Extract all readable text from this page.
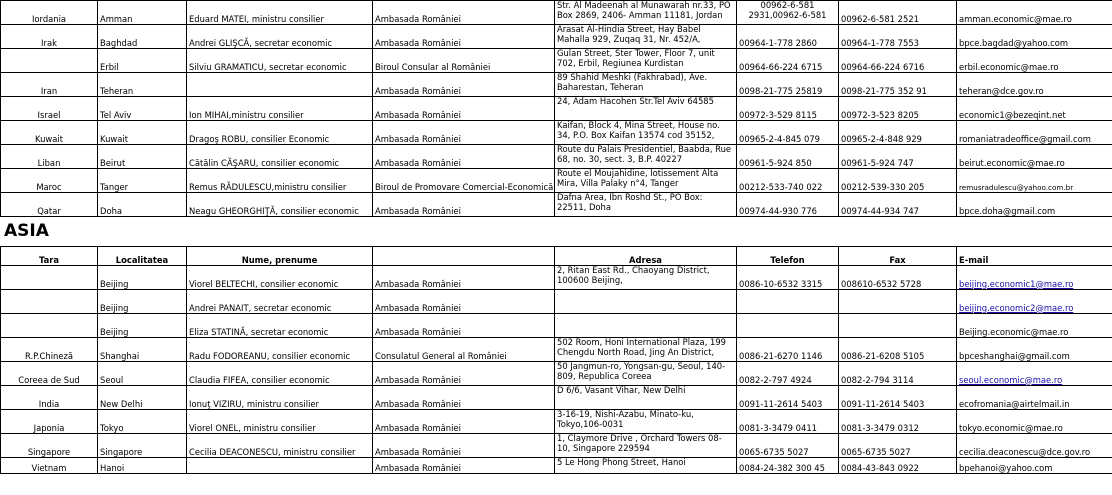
Iordania	Amman	Eduard MATEI, ministru consilier	Ambasada României	Str. Al Madeenah al Munawarah nr.33, PO Box 2869, 2406- Amman 11181, Jordan	00962-6-581 2931,00962-6-581	00962-6-581 2521	amman.economic@mae.ro
Irak	Baghdad	Andrei GLIŞCĂ, secretar economic	Ambasada României	Arasat Al-Hindia Street, Hay Babel Mahalla 929, Zuqaq 31, Nr. 452/A,	00964-1-778 2860	00964-1-778 7553	bpce.bagdad@yahoo.com
	Erbil	Silviu GRAMATICU, secretar economic	Biroul Consular al României	Gulan Street, Ster Tower, Floor 7, unit 702, Erbil, Regiunea Kurdistan	00964-66-224 6715	00964-66-224 6716	erbil.economic@mae.ro
Iran	Teheran		Ambasada României	89 Shahid Meshki (Fakhrabad), Ave. Baharestan, Teheran	0098-21-775 25819	0098-21-775 352 91	teheran@dce.gov.ro
Israel	Tel Aviv	Ion MIHAI,ministru consilier	Ambasada României	24, Adam Hacohen Str.Tel Aviv 64585	00972-3-529 8115	00972-3-523 8205	economic1@bezeqint.net
Kuwait	Kuwait	Dragoş ROBU, consilier Economic	Ambasada României	Kaifan, Block 4, Mina Street, House no. 34, P.O. Box Kaifan 13574 cod 35152,	00965-2-4-845 079	00965-2-4-848 929	romaniatradeoffice@gmail.com
Liban	Beirut	Cătălin CĂŞARU, consilier economic	Ambasada României	Route du Palais Presidentiel, Baabda, Rue 68, no. 30, sect. 3, B.P. 40227	00961-5-924 850	00961-5-924 747	beirut.economic@mae.ro
Maroc	Tanger	Remus RĂDULESCU,ministru consilier	Biroul de Promovare Comercial-Economică	Route el Moujahidine, lotissement Alta Mira, Villa Palaky n°4, Tanger	00212-533-740 022	00212-539-330 205	remusradulescu@yahoo.com.br
Qatar	Doha	Neagu GHEORGHIŢĂ, consilier economic	Ambasada României	Dafna Area, Ibn Roshd St., PO Box: 22511, Doha	00974-44-930 776	00974-44-934 747	bpce.doha@gmail.com
ASIA
Tara	Localitatea	Nume, prenume		Adresa	Telefon	Fax	E-mail
	Beijing	Viorel BELTECHI, consilier economic	Ambasada României	2, Ritan East Rd., Chaoyang District, 100600 Beijing,	0086-10-6532 3315	008610-6532 5728	beijing.economic1@mae.ro
	Beijing	Andrei PANAIT, secretar economic	Ambasada României				beijing.economic2@mae.ro
	Beijing	Eliza STATINĂ, secretar economic	Ambasada României				Beijing.economic@mae.ro
R.P.Chineză	Shanghai	Radu FODOREANU, consilier economic	Consulatul General al României	502 Room, Honi International Plaza, 199 Chengdu North Road, Jing An District,	0086-21-6270 1146	0086-21-6208 5105	bpceshanghai@gmail.com
Coreea de Sud	Seoul	Claudia FIFEA, consilier economic	Ambasada României	50 Jangmun-ro, Yongsan-gu, Seoul, 140-809, Republica Coreea	0082-2-797 4924	0082-2-794 3114	seoul.economic@mae.ro
India	New Delhi	Ionuţ VIZIRU, ministru consilier	Ambasada României	D 6/6, Vasant Vihar, New Delhi	0091-11-2614 5403	0091-11-2614 5403	ecofromania@airtelmail.in
Japonia	Tokyo	Viorel ONEL, ministru consilier	Ambasada României	3-16-19, Nishi-Azabu, Minato-ku, Tokyo,106-0031	0081-3-3479 0411	0081-3-3479 0312	tokyo.economic@mae.ro
Singapore	Singapore	Cecilia DEACONESCU, ministru consilier	Ambasada României	1, Claymore Drive , Orchard Towers 08-10, Singapore 229594	0065-6735 5027	0065-6735 5027	cecilia.deaconescu@dce.gov.ro
Vietnam	Hanoi		Ambasada României	5 Le Hong Phong Street, Hanoi	0084-24-382 300 45	0084-43-843 0922	bpehanoi@yahoo.com
